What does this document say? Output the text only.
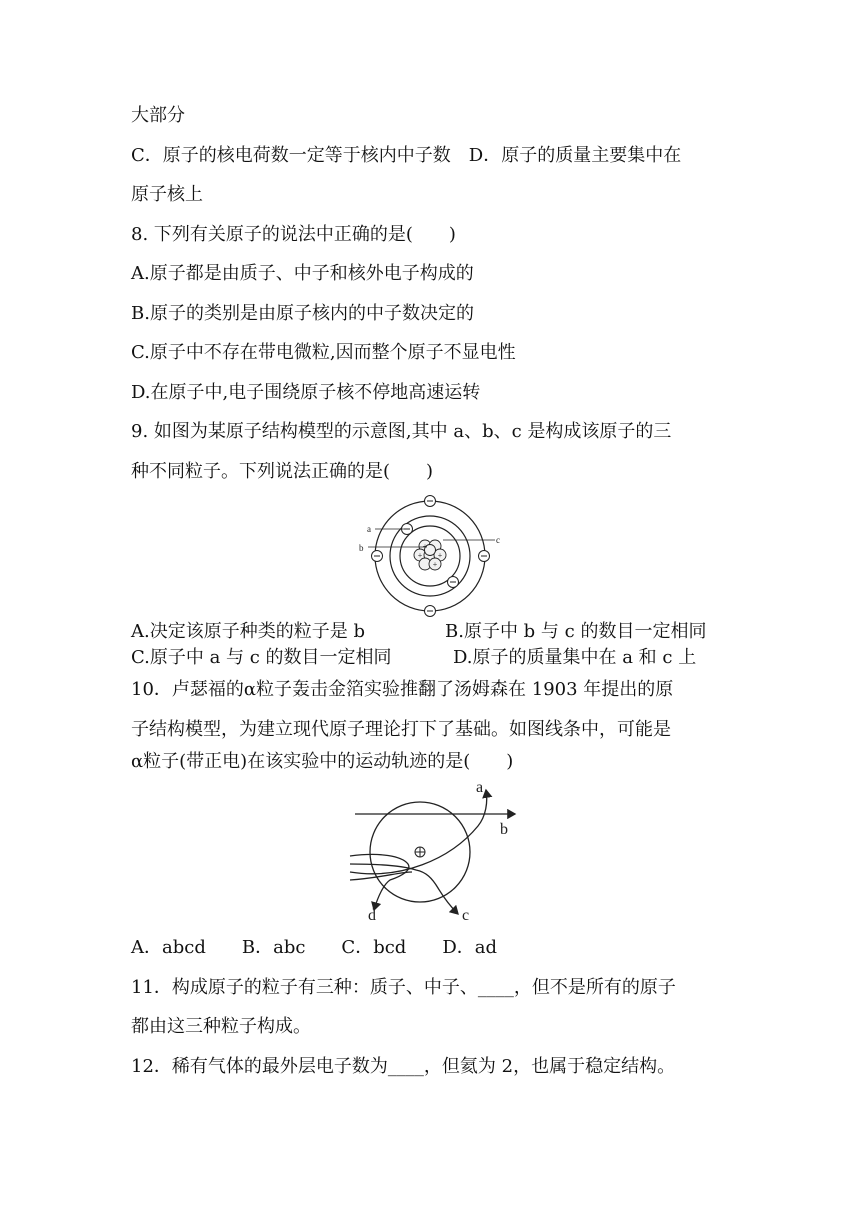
大部分
C．原子的核电荷数一定等于核内中子数　D．原子的质量主要集中在
原子核上
8. 下列有关原子的说法中正确的是(　　)
A.原子都是由质子、中子和核外电子构成的
B.原子的类别是由原子核内的中子数决定的
C.原子中不存在带电微粒,因而整个原子不显电性
D.在原子中,电子围绕原子核不停地高速运转
9. 如图为某原子结构模型的示意图,其中 a、b、c 是构成该原子的三
种不同粒子。下列说法正确的是(　　)
+
+
+
+
a
b
c
A.决定该原子种类的粒子是 b	B.原子中 b 与 c 的数目一定相同
C.原子中 a 与 c 的数目一定相同	D.原子的质量集中在 a 和 c 上
10．卢瑟福的α粒子轰击金箔实验推翻了汤姆森在 1903 年提出的原
子结构模型，为建立现代原子理论打下了基础。如图线条中，可能是
α粒子(带正电)在该实验中的运动轨迹的是(　　)
a
b
c
d
A．abcd　　B．abc　　C．bcd　　D．ad
11．构成原子的粒子有三种：质子、中子、____，但不是所有的原子
都由这三种粒子构成。
12．稀有气体的最外层电子数为____，但氦为 2，也属于稳定结构。
